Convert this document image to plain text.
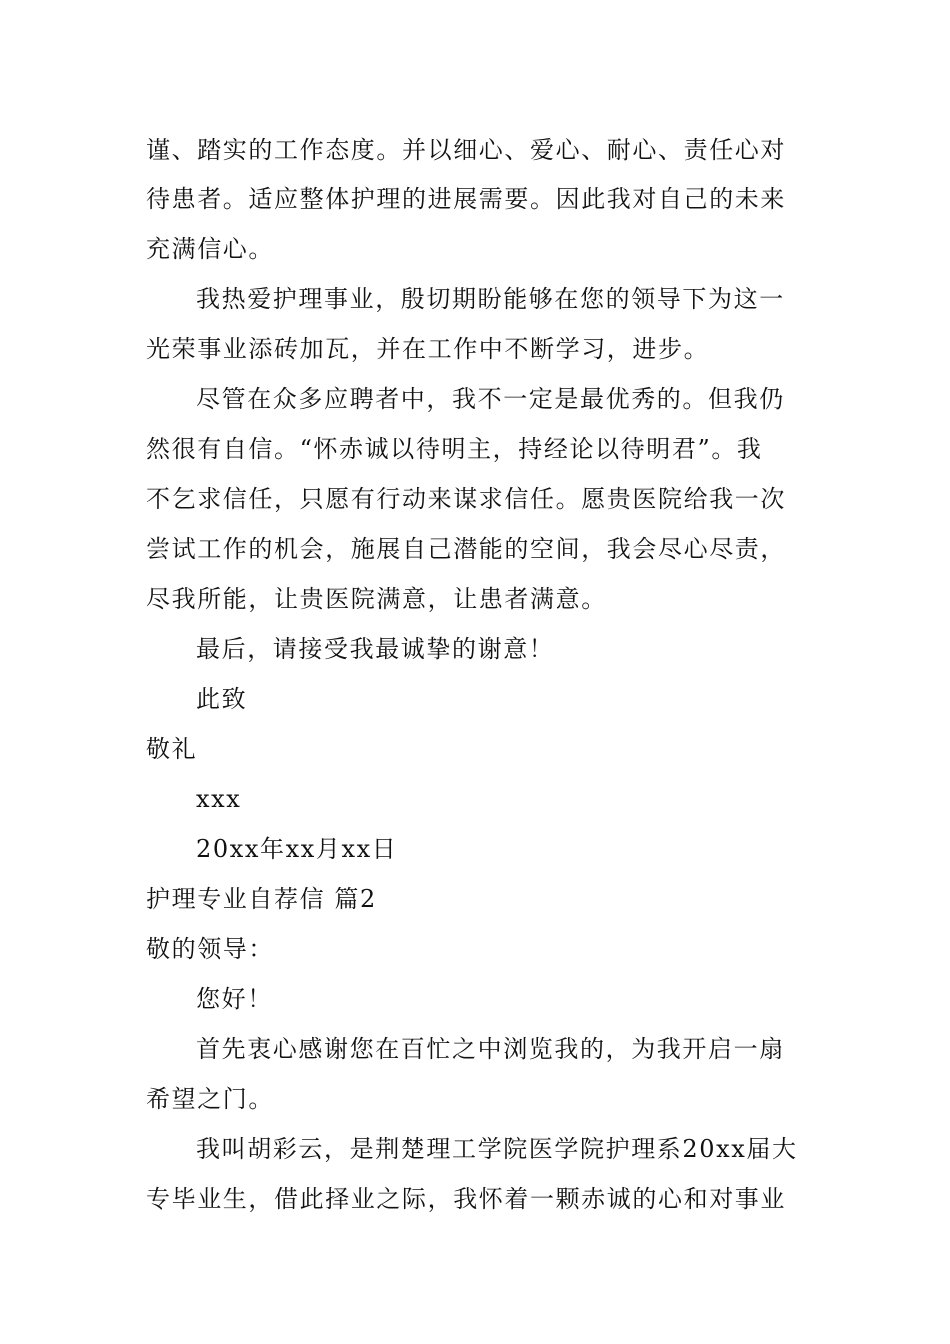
谨、踏实的工作态度。并以细心、爱心、耐心、责任心对

待患者。适应整体护理的进展需要。因此我对自己的未来

充满信心。

我热爱护理事业，殷切期盼能够在您的领导下为这一

光荣事业添砖加瓦，并在工作中不断学习，进步。

尽管在众多应聘者中，我不一定是最优秀的。但我仍

然很有自信。“怀赤诚以待明主，持经论以待明君”。我

不乞求信任，只愿有行动来谋求信任。愿贵医院给我一次

尝试工作的机会，施展自己潜能的空间，我会尽心尽责，

尽我所能，让贵医院满意，让患者满意。

最后，请接受我最诚挚的谢意！

此致

敬礼

xxx

20xx年xx月xx日

护理专业自荐信 篇2

敬的领导：

您好！

首先衷心感谢您在百忙之中浏览我的，为我开启一扇

希望之门。

我叫胡彩云，是荆楚理工学院医学院护理系20xx届大

专毕业生，借此择业之际，我怀着一颗赤诚的心和对事业
